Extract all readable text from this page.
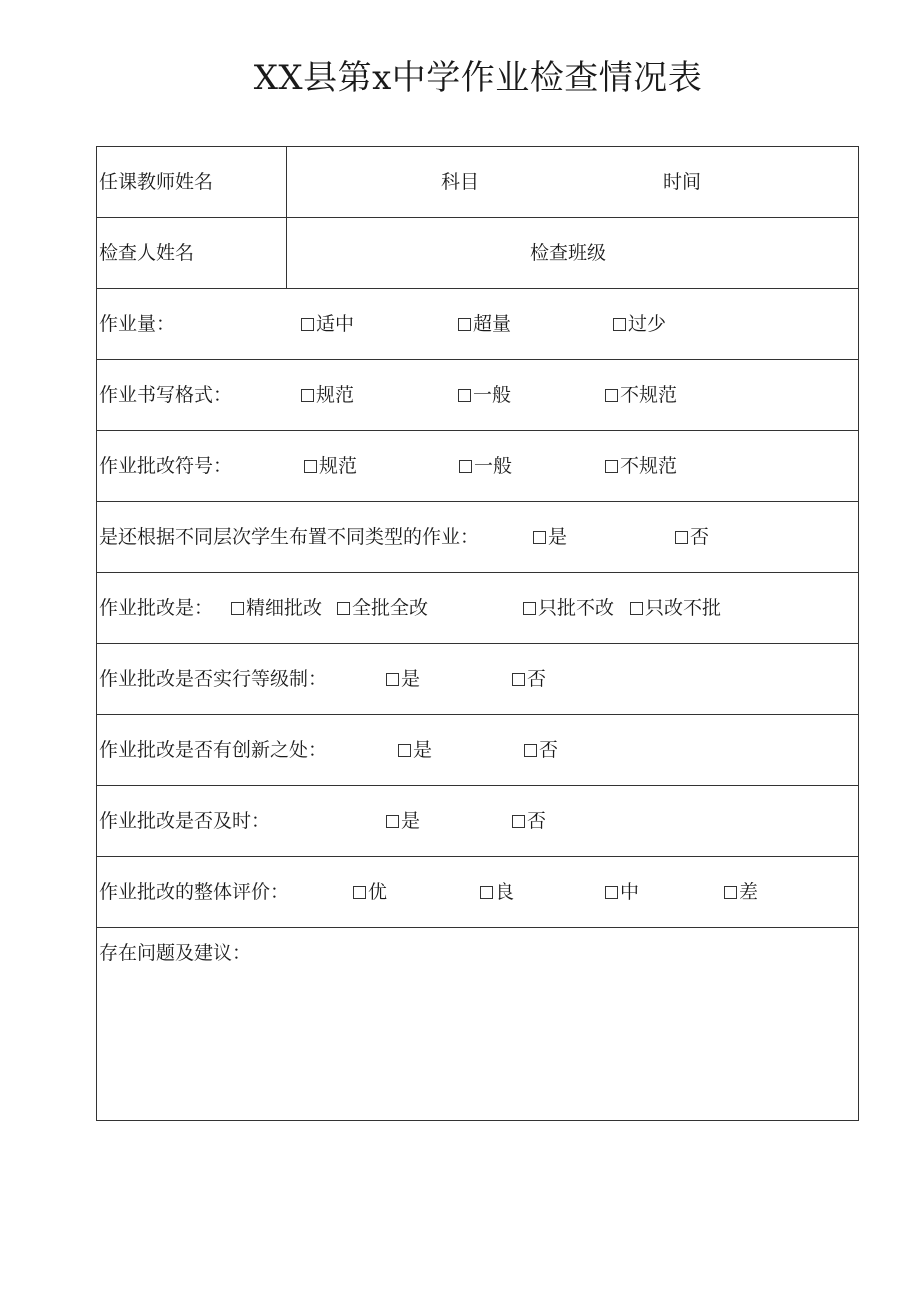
XX县第x中学作业检查情况表
任课教师姓名	科目	时间
检查人姓名	检查班级
作业量：	适中	超量	过少
作业书写格式：	规范	一般	不规范
作业批改符号：	规范	一般	不规范
是还根据不同层次学生布置不同类型的作业：	是	否
作业批改是：	精细批改	全批全改	只批不改	只改不批
作业批改是否实行等级制：	是	否
作业批改是否有创新之处：	是	否
作业批改是否及时：	是	否
作业批改的整体评价：	优	良	中	差
存在问题及建议：
